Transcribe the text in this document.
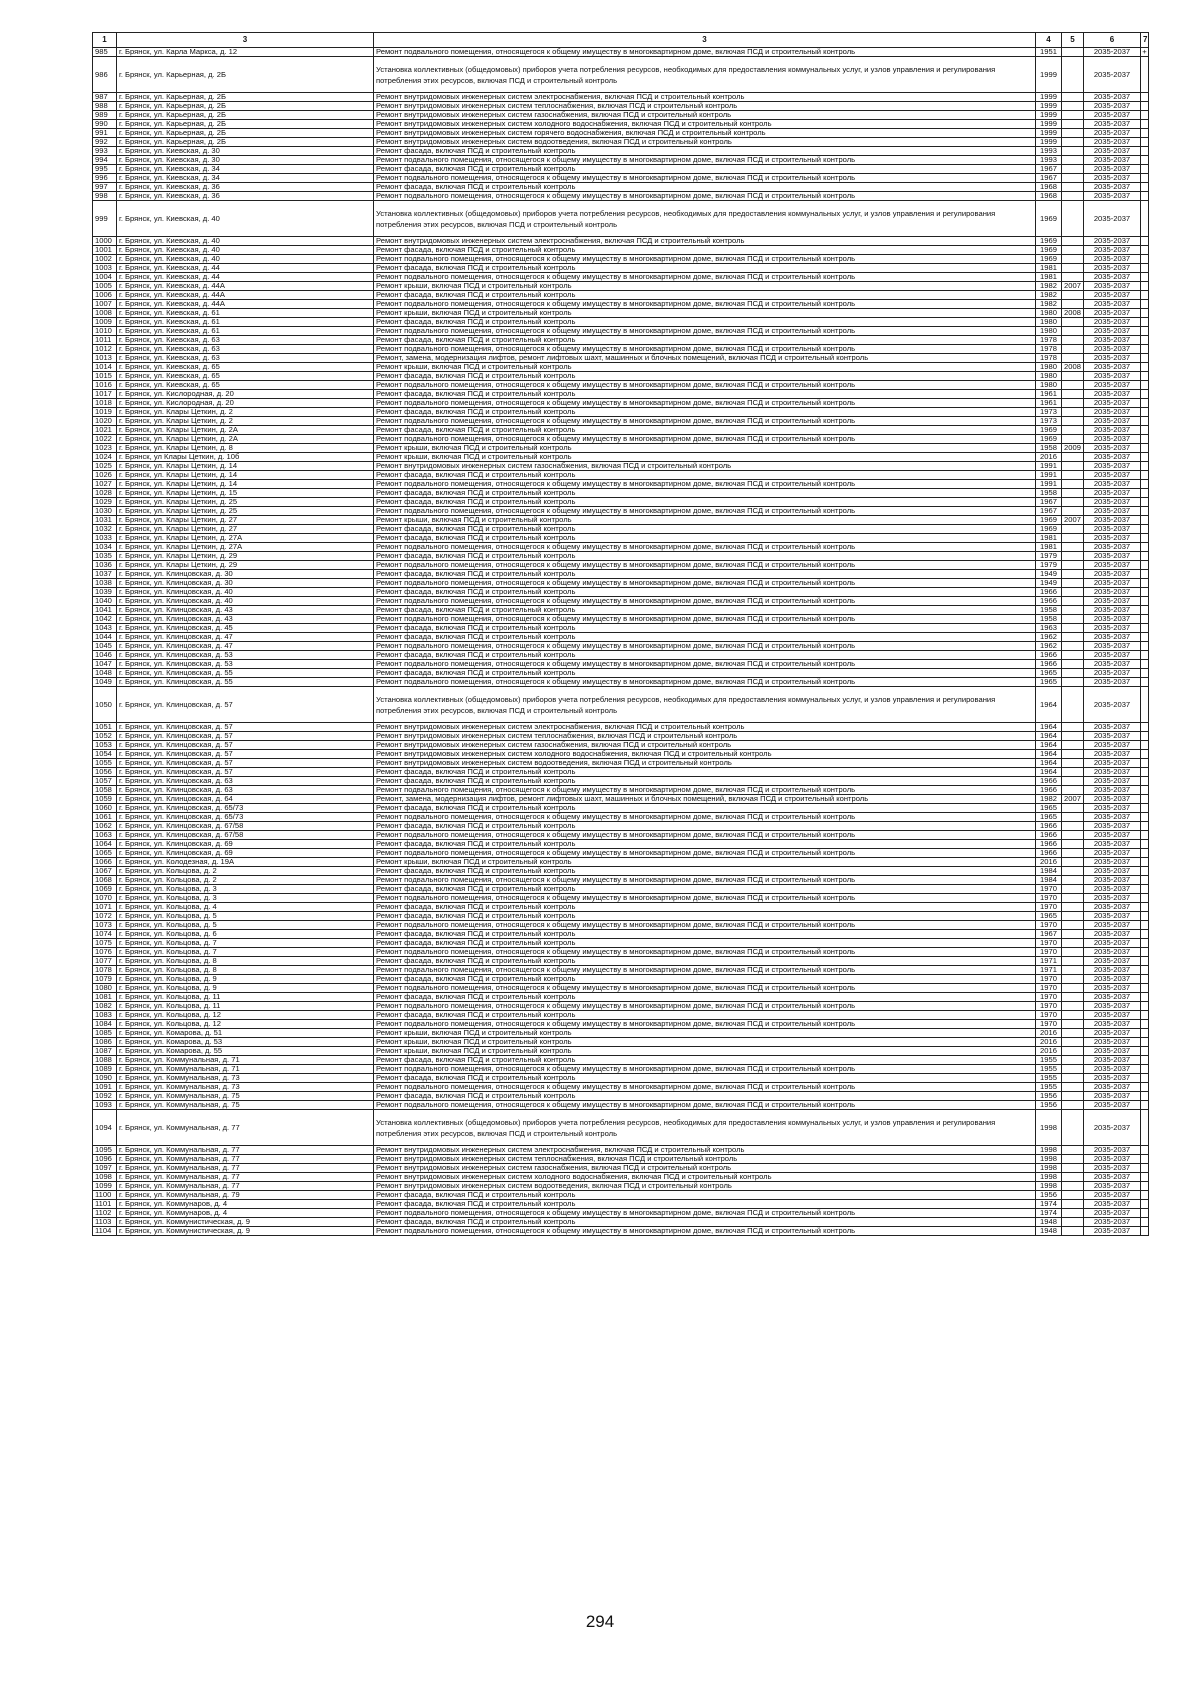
1	3	3	4	5	6	7
985	г. Брянск, ул. Карла Маркса, д. 12	Ремонт подвального помещения, относящегося к общему имуществу в многоквартирном доме, включая ПСД и строительный контроль	1951		2035-2037	+
986	г. Брянск, ул. Карьерная, д. 2Б	Установка коллективных (общедомовых) приборов учета потребления ресурсов, необходимых для предоставления коммунальных услуг, и узлов управления и регулирования потребления этих ресурсов, включая ПСД и строительный контроль	1999		2035-2037	
987	г. Брянск, ул. Карьерная, д. 2Б	Ремонт внутридомовых инженерных систем электроснабжения, включая ПСД и строительный контроль	1999		2035-2037	
988	г. Брянск, ул. Карьерная, д. 2Б	Ремонт внутридомовых инженерных систем теплоснабжения, включая ПСД и строительный контроль	1999		2035-2037	
989	г. Брянск, ул. Карьерная, д. 2Б	Ремонт внутридомовых инженерных систем газоснабжения, включая ПСД и строительный контроль	1999		2035-2037	
990	г. Брянск, ул. Карьерная, д. 2Б	Ремонт внутридомовых инженерных систем холодного водоснабжения, включая ПСД и строительный контроль	1999		2035-2037	
991	г. Брянск, ул. Карьерная, д. 2Б	Ремонт внутридомовых инженерных систем горячего водоснабжения, включая ПСД и строительный контроль	1999		2035-2037	
992	г. Брянск, ул. Карьерная, д. 2Б	Ремонт внутридомовых инженерных систем водоотведения, включая ПСД и строительный контроль	1999		2035-2037	
993	г. Брянск, ул. Киевская, д. 30	Ремонт фасада, включая ПСД и строительный контроль	1993		2035-2037	
994	г. Брянск, ул. Киевская, д. 30	Ремонт подвального помещения, относящегося к общему имуществу в многоквартирном доме, включая ПСД и строительный контроль	1993		2035-2037	
995	г. Брянск, ул. Киевская, д. 34	Ремонт фасада, включая ПСД и строительный контроль	1967		2035-2037	
996	г. Брянск, ул. Киевская, д. 34	Ремонт подвального помещения, относящегося к общему имуществу в многоквартирном доме, включая ПСД и строительный контроль	1967		2035-2037	
997	г. Брянск, ул. Киевская, д. 36	Ремонт фасада, включая ПСД и строительный контроль	1968		2035-2037	
998	г. Брянск, ул. Киевская, д. 36	Ремонт подвального помещения, относящегося к общему имуществу в многоквартирном доме, включая ПСД и строительный контроль	1968		2035-2037	
999	г. Брянск, ул. Киевская, д. 40	Установка коллективных (общедомовых) приборов учета потребления ресурсов, необходимых для предоставления коммунальных услуг, и узлов управления и регулирования потребления этих ресурсов, включая ПСД и строительный контроль	1969		2035-2037	
1000	г. Брянск, ул. Киевская, д. 40	Ремонт внутридомовых инженерных систем электроснабжения, включая ПСД и строительный контроль	1969		2035-2037	
1001	г. Брянск, ул. Киевская, д. 40	Ремонт фасада, включая ПСД и строительный контроль	1969		2035-2037	
1002	г. Брянск, ул. Киевская, д. 40	Ремонт подвального помещения, относящегося к общему имуществу в многоквартирном доме, включая ПСД и строительный контроль	1969		2035-2037	
1003	г. Брянск, ул. Киевская, д. 44	Ремонт фасада, включая ПСД и строительный контроль	1981		2035-2037	
1004	г. Брянск, ул. Киевская, д. 44	Ремонт подвального помещения, относящегося к общему имуществу в многоквартирном доме, включая ПСД и строительный контроль	1981		2035-2037	
1005	г. Брянск, ул. Киевская, д. 44А	Ремонт крыши, включая ПСД и строительный контроль	1982	2007	2035-2037	
1006	г. Брянск, ул. Киевская, д. 44А	Ремонт фасада, включая ПСД и строительный контроль	1982		2035-2037	
1007	г. Брянск, ул. Киевская, д. 44А	Ремонт подвального помещения, относящегося к общему имуществу в многоквартирном доме, включая ПСД и строительный контроль	1982		2035-2037	
1008	г. Брянск, ул. Киевская, д. 61	Ремонт крыши, включая ПСД и строительный контроль	1980	2008	2035-2037	
1009	г. Брянск, ул. Киевская, д. 61	Ремонт фасада, включая ПСД и строительный контроль	1980		2035-2037	
1010	г. Брянск, ул. Киевская, д. 61	Ремонт подвального помещения, относящегося к общему имуществу в многоквартирном доме, включая ПСД и строительный контроль	1980		2035-2037	
1011	г. Брянск, ул. Киевская, д. 63	Ремонт фасада, включая ПСД и строительный контроль	1978		2035-2037	
1012	г. Брянск, ул. Киевская, д. 63	Ремонт подвального помещения, относящегося к общему имуществу в многоквартирном доме, включая ПСД и строительный контроль	1978		2035-2037	
1013	г. Брянск, ул. Киевская, д. 63	Ремонт, замена, модернизация лифтов, ремонт лифтовых шахт, машинных и блочных помещений, включая ПСД и строительный контроль	1978		2035-2037	
1014	г. Брянск, ул. Киевская, д. 65	Ремонт крыши, включая ПСД и строительный контроль	1980	2008	2035-2037	
1015	г. Брянск, ул. Киевская, д. 65	Ремонт фасада, включая ПСД и строительный контроль	1980		2035-2037	
1016	г. Брянск, ул. Киевская, д. 65	Ремонт подвального помещения, относящегося к общему имуществу в многоквартирном доме, включая ПСД и строительный контроль	1980		2035-2037	
1017	г. Брянск, ул. Кислородная, д. 20	Ремонт фасада, включая ПСД и строительный контроль	1961		2035-2037	
1018	г. Брянск, ул. Кислородная, д. 20	Ремонт подвального помещения, относящегося к общему имуществу в многоквартирном доме, включая ПСД и строительный контроль	1961		2035-2037	
1019	г. Брянск, ул. Клары Цеткин, д. 2	Ремонт фасада, включая ПСД и строительный контроль	1973		2035-2037	
1020	г. Брянск, ул. Клары Цеткин, д. 2	Ремонт подвального помещения, относящегося к общему имуществу в многоквартирном доме, включая ПСД и строительный контроль	1973		2035-2037	
1021	г. Брянск, ул. Клары Цеткин, д. 2А	Ремонт фасада, включая ПСД и строительный контроль	1969		2035-2037	
1022	г. Брянск, ул. Клары Цеткин, д. 2А	Ремонт подвального помещения, относящегося к общему имуществу в многоквартирном доме, включая ПСД и строительный контроль	1969		2035-2037	
1023	г. Брянск, ул. Клары Цеткин, д. 8	Ремонт крыши, включая ПСД и строительный контроль	1958	2009	2035-2037	
1024	г. Брянск, ул Клары Цеткин, д. 10б	Ремонт крыши, включая ПСД и строительный контроль	2016		2035-2037	
1025	г. Брянск, ул. Клары Цеткин, д. 14	Ремонт внутридомовых инженерных систем газоснабжения, включая ПСД и строительный контроль	1991		2035-2037	
1026	г. Брянск, ул. Клары Цеткин, д. 14	Ремонт фасада, включая ПСД и строительный контроль	1991		2035-2037	
1027	г. Брянск, ул. Клары Цеткин, д. 14	Ремонт подвального помещения, относящегося к общему имуществу в многоквартирном доме, включая ПСД и строительный контроль	1991		2035-2037	
1028	г. Брянск, ул. Клары Цеткин, д. 15	Ремонт фасада, включая ПСД и строительный контроль	1958		2035-2037	
1029	г. Брянск, ул. Клары Цеткин, д. 25	Ремонт фасада, включая ПСД и строительный контроль	1967		2035-2037	
1030	г. Брянск, ул. Клары Цеткин, д. 25	Ремонт подвального помещения, относящегося к общему имуществу в многоквартирном доме, включая ПСД и строительный контроль	1967		2035-2037	
1031	г. Брянск, ул. Клары Цеткин, д. 27	Ремонт крыши, включая ПСД и строительный контроль	1969	2007	2035-2037	
1032	г. Брянск, ул. Клары Цеткин, д. 27	Ремонт фасада, включая ПСД и строительный контроль	1969		2035-2037	
1033	г. Брянск, ул. Клары Цеткин, д. 27А	Ремонт фасада, включая ПСД и строительный контроль	1981		2035-2037	
1034	г. Брянск, ул. Клары Цеткин, д. 27А	Ремонт подвального помещения, относящегося к общему имуществу в многоквартирном доме, включая ПСД и строительный контроль	1981		2035-2037	
1035	г. Брянск, ул. Клары Цеткин, д. 29	Ремонт фасада, включая ПСД и строительный контроль	1979		2035-2037	
1036	г. Брянск, ул. Клары Цеткин, д. 29	Ремонт подвального помещения, относящегося к общему имуществу в многоквартирном доме, включая ПСД и строительный контроль	1979		2035-2037	
1037	г. Брянск, ул. Клинцовская, д. 30	Ремонт фасада, включая ПСД и строительный контроль	1949		2035-2037	
1038	г. Брянск, ул. Клинцовская, д. 30	Ремонт подвального помещения, относящегося к общему имуществу в многоквартирном доме, включая ПСД и строительный контроль	1949		2035-2037	
1039	г. Брянск, ул. Клинцовская, д. 40	Ремонт фасада, включая ПСД и строительный контроль	1966		2035-2037	
1040	г. Брянск, ул. Клинцовская, д. 40	Ремонт подвального помещения, относящегося к общему имуществу в многоквартирном доме, включая ПСД и строительный контроль	1966		2035-2037	
1041	г. Брянск, ул. Клинцовская, д. 43	Ремонт фасада, включая ПСД и строительный контроль	1958		2035-2037	
1042	г. Брянск, ул. Клинцовская, д. 43	Ремонт подвального помещения, относящегося к общему имуществу в многоквартирном доме, включая ПСД и строительный контроль	1958		2035-2037	
1043	г. Брянск, ул. Клинцовская, д. 45	Ремонт фасада, включая ПСД и строительный контроль	1963		2035-2037	
1044	г. Брянск, ул. Клинцовская, д. 47	Ремонт фасада, включая ПСД и строительный контроль	1962		2035-2037	
1045	г. Брянск, ул. Клинцовская, д. 47	Ремонт подвального помещения, относящегося к общему имуществу в многоквартирном доме, включая ПСД и строительный контроль	1962		2035-2037	
1046	г. Брянск, ул. Клинцовская, д. 53	Ремонт фасада, включая ПСД и строительный контроль	1966		2035-2037	
1047	г. Брянск, ул. Клинцовская, д. 53	Ремонт подвального помещения, относящегося к общему имуществу в многоквартирном доме, включая ПСД и строительный контроль	1966		2035-2037	
1048	г. Брянск, ул. Клинцовская, д. 55	Ремонт фасада, включая ПСД и строительный контроль	1965		2035-2037	
1049	г. Брянск, ул. Клинцовская, д. 55	Ремонт подвального помещения, относящегося к общему имуществу в многоквартирном доме, включая ПСД и строительный контроль	1965		2035-2037	
1050	г. Брянск, ул. Клинцовская, д. 57	Установка коллективных (общедомовых) приборов учета потребления ресурсов, необходимых для предоставления коммунальных услуг, и узлов управления и регулирования потребления этих ресурсов, включая ПСД и строительный контроль	1964		2035-2037	
1051	г. Брянск, ул. Клинцовская, д. 57	Ремонт внутридомовых инженерных систем электроснабжения, включая ПСД и строительный контроль	1964		2035-2037	
1052	г. Брянск, ул. Клинцовская, д. 57	Ремонт внутридомовых инженерных систем теплоснабжения, включая ПСД и строительный контроль	1964		2035-2037	
1053	г. Брянск, ул. Клинцовская, д. 57	Ремонт внутридомовых инженерных систем газоснабжения, включая ПСД и строительный контроль	1964		2035-2037	
1054	г. Брянск, ул. Клинцовская, д. 57	Ремонт внутридомовых инженерных систем холодного водоснабжения, включая ПСД и строительный контроль	1964		2035-2037	
1055	г. Брянск, ул. Клинцовская, д. 57	Ремонт внутридомовых инженерных систем водоотведения, включая ПСД и строительный контроль	1964		2035-2037	
1056	г. Брянск, ул. Клинцовская, д. 57	Ремонт фасада, включая ПСД и строительный контроль	1964		2035-2037	
1057	г. Брянск, ул. Клинцовская, д. 63	Ремонт фасада, включая ПСД и строительный контроль	1966		2035-2037	
1058	г. Брянск, ул. Клинцовская, д. 63	Ремонт подвального помещения, относящегося к общему имуществу в многоквартирном доме, включая ПСД и строительный контроль	1966		2035-2037	
1059	г. Брянск, ул. Клинцовская, д. 64	Ремонт, замена, модернизация лифтов, ремонт лифтовых шахт, машинных и блочных помещений, включая ПСД и строительный контроль	1982	2007	2035-2037	
1060	г. Брянск, ул. Клинцовская, д. 65/73	Ремонт фасада, включая ПСД и строительный контроль	1965		2035-2037	
1061	г. Брянск, ул. Клинцовская, д. 65/73	Ремонт подвального помещения, относящегося к общему имуществу в многоквартирном доме, включая ПСД и строительный контроль	1965		2035-2037	
1062	г. Брянск, ул. Клинцовская, д. 67/58	Ремонт фасада, включая ПСД и строительный контроль	1966		2035-2037	
1063	г. Брянск, ул. Клинцовская, д. 67/58	Ремонт подвального помещения, относящегося к общему имуществу в многоквартирном доме, включая ПСД и строительный контроль	1966		2035-2037	
1064	г. Брянск, ул. Клинцовская, д. 69	Ремонт фасада, включая ПСД и строительный контроль	1966		2035-2037	
1065	г. Брянск, ул. Клинцовская, д. 69	Ремонт подвального помещения, относящегося к общему имуществу в многоквартирном доме, включая ПСД и строительный контроль	1966		2035-2037	
1066	г. Брянск, ул. Колодезная, д. 19А	Ремонт крыши, включая ПСД и строительный контроль	2016		2035-2037	
1067	г. Брянск, ул. Кольцова, д. 2	Ремонт фасада, включая ПСД и строительный контроль	1984		2035-2037	
1068	г. Брянск, ул. Кольцова, д. 2	Ремонт подвального помещения, относящегося к общему имуществу в многоквартирном доме, включая ПСД и строительный контроль	1984		2035-2037	
1069	г. Брянск, ул. Кольцова, д. 3	Ремонт фасада, включая ПСД и строительный контроль	1970		2035-2037	
1070	г. Брянск, ул. Кольцова, д. 3	Ремонт подвального помещения, относящегося к общему имуществу в многоквартирном доме, включая ПСД и строительный контроль	1970		2035-2037	
1071	г. Брянск, ул. Кольцова, д. 4	Ремонт фасада, включая ПСД и строительный контроль	1970		2035-2037	
1072	г. Брянск, ул. Кольцова, д. 5	Ремонт фасада, включая ПСД и строительный контроль	1965		2035-2037	
1073	г. Брянск, ул. Кольцова, д. 5	Ремонт подвального помещения, относящегося к общему имуществу в многоквартирном доме, включая ПСД и строительный контроль	1970		2035-2037	
1074	г. Брянск, ул. Кольцова, д. 6	Ремонт фасада, включая ПСД и строительный контроль	1967		2035-2037	
1075	г. Брянск, ул. Кольцова, д. 7	Ремонт фасада, включая ПСД и строительный контроль	1970		2035-2037	
1076	г. Брянск, ул. Кольцова, д. 7	Ремонт подвального помещения, относящегося к общему имуществу в многоквартирном доме, включая ПСД и строительный контроль	1970		2035-2037	
1077	г. Брянск, ул. Кольцова, д. 8	Ремонт фасада, включая ПСД и строительный контроль	1971		2035-2037	
1078	г. Брянск, ул. Кольцова, д. 8	Ремонт подвального помещения, относящегося к общему имуществу в многоквартирном доме, включая ПСД и строительный контроль	1971		2035-2037	
1079	г. Брянск, ул. Кольцова, д. 9	Ремонт фасада, включая ПСД и строительный контроль	1970		2035-2037	
1080	г. Брянск, ул. Кольцова, д. 9	Ремонт подвального помещения, относящегося к общему имуществу в многоквартирном доме, включая ПСД и строительный контроль	1970		2035-2037	
1081	г. Брянск, ул. Кольцова, д. 11	Ремонт фасада, включая ПСД и строительный контроль	1970		2035-2037	
1082	г. Брянск, ул. Кольцова, д. 11	Ремонт подвального помещения, относящегося к общему имуществу в многоквартирном доме, включая ПСД и строительный контроль	1970		2035-2037	
1083	г. Брянск, ул. Кольцова, д. 12	Ремонт фасада, включая ПСД и строительный контроль	1970		2035-2037	
1084	г. Брянск, ул. Кольцова, д. 12	Ремонт подвального помещения, относящегося к общему имуществу в многоквартирном доме, включая ПСД и строительный контроль	1970		2035-2037	
1085	г. Брянск, ул. Комарова, д. 51	Ремонт крыши, включая ПСД и строительный контроль	2016		2035-2037	
1086	г. Брянск, ул. Комарова, д. 53	Ремонт крыши, включая ПСД и строительный контроль	2016		2035-2037	
1087	г. Брянск, ул. Комарова, д. 55	Ремонт крыши, включая ПСД и строительный контроль	2016		2035-2037	
1088	г. Брянск, ул. Коммунальная, д. 71	Ремонт фасада, включая ПСД и строительный контроль	1955		2035-2037	
1089	г. Брянск, ул. Коммунальная, д. 71	Ремонт подвального помещения, относящегося к общему имуществу в многоквартирном доме, включая ПСД и строительный контроль	1955		2035-2037	
1090	г. Брянск, ул. Коммунальная, д. 73	Ремонт фасада, включая ПСД и строительный контроль	1955		2035-2037	
1091	г. Брянск, ул. Коммунальная, д. 73	Ремонт подвального помещения, относящегося к общему имуществу в многоквартирном доме, включая ПСД и строительный контроль	1955		2035-2037	
1092	г. Брянск, ул. Коммунальная, д. 75	Ремонт фасада, включая ПСД и строительный контроль	1956		2035-2037	
1093	г. Брянск, ул. Коммунальная, д. 75	Ремонт подвального помещения, относящегося к общему имуществу в многоквартирном доме, включая ПСД и строительный контроль	1956		2035-2037	
1094	г. Брянск, ул. Коммунальная, д. 77	Установка коллективных (общедомовых) приборов учета потребления ресурсов, необходимых для предоставления коммунальных услуг, и узлов управления и регулирования потребления этих ресурсов, включая ПСД и строительный контроль	1998		2035-2037	
1095	г. Брянск, ул. Коммунальная, д. 77	Ремонт внутридомовых инженерных систем электроснабжения, включая ПСД и строительный контроль	1998		2035-2037	
1096	г. Брянск, ул. Коммунальная, д. 77	Ремонт внутридомовых инженерных систем теплоснабжения, включая ПСД и строительный контроль	1998		2035-2037	
1097	г. Брянск, ул. Коммунальная, д. 77	Ремонт внутридомовых инженерных систем газоснабжения, включая ПСД и строительный контроль	1998		2035-2037	
1098	г. Брянск, ул. Коммунальная, д. 77	Ремонт внутридомовых инженерных систем холодного водоснабжения, включая ПСД и строительный контроль	1998		2035-2037	
1099	г. Брянск, ул. Коммунальная, д. 77	Ремонт внутридомовых инженерных систем водоотведения, включая ПСД и строительный контроль	1998		2035-2037	
1100	г. Брянск, ул. Коммунальная, д. 79	Ремонт фасада, включая ПСД и строительный контроль	1956		2035-2037	
1101	г. Брянск, ул. Коммунаров, д. 4	Ремонт фасада, включая ПСД и строительный контроль	1974		2035-2037	
1102	г. Брянск, ул. Коммунаров, д. 4	Ремонт подвального помещения, относящегося к общему имуществу в многоквартирном доме, включая ПСД и строительный контроль	1974		2035-2037	
1103	г. Брянск, ул. Коммунистическая, д. 9	Ремонт фасада, включая ПСД и строительный контроль	1948		2035-2037	
1104	г. Брянск, ул. Коммунистическая, д. 9	Ремонт подвального помещения, относящегося к общему имуществу в многоквартирном доме, включая ПСД и строительный контроль	1948		2035-2037	
294
